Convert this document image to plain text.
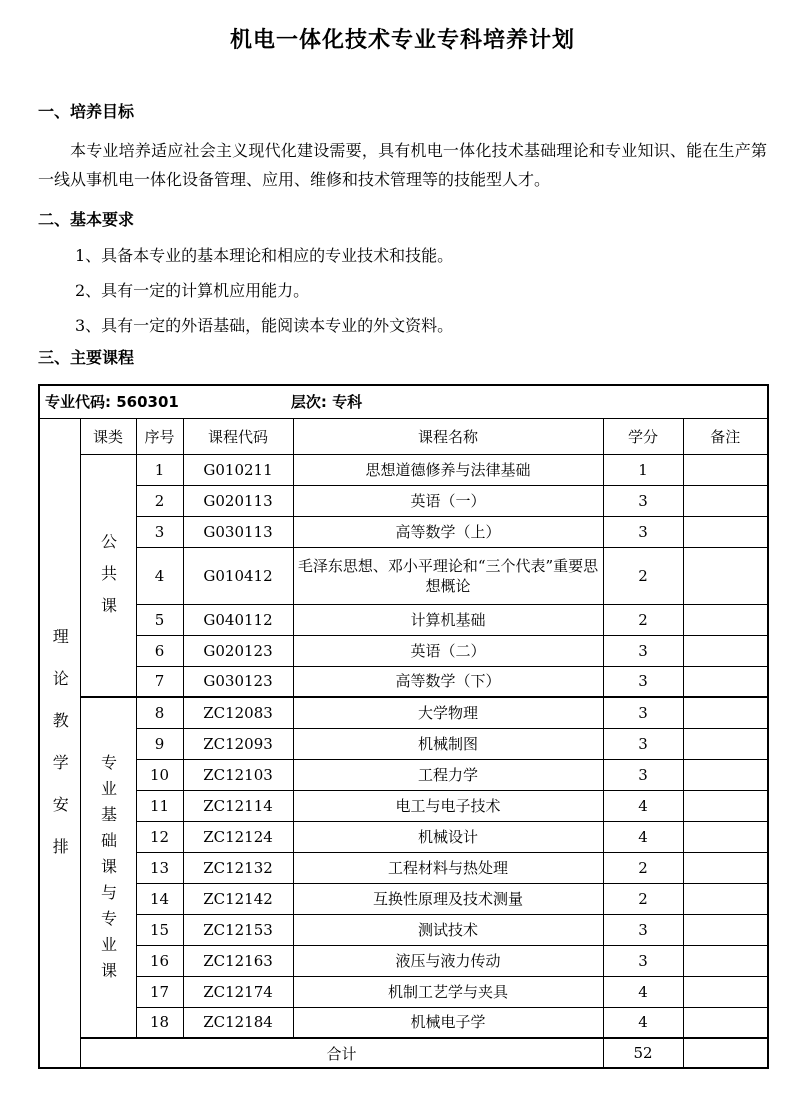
机电一体化技术专业专科培养计划
一、培养目标
本专业培养适应社会主义现代化建设需要，具有机电一体化技术基础理论和专业知识、能在生产第一线从事机电一体化设备管理、应用、维修和技术管理等的技能型人才。
二、基本要求
1、具备本专业的基本理论和相应的专业技术和技能。
2、具有一定的计算机应用能力。
3、具有一定的外语基础，能阅读本专业的外文资料。
三、主要课程
专业代码: 560301 层次: 专科						
理论教学安排	课类	序号	课程代码	课程名称	学分	备注
	公共课	1	G010211	思想道德修养与法律基础	1	
		2	G020113	英语（一）	3	
		3	G030113	高等数学（上）	3	
		4	G010412	毛泽东思想、邓小平理论和“三个代表”重要思想概论	2	
		5	G040112	计算机基础	2	
		6	G020123	英语（二）	3	
		7	G030123	高等数学（下）	3	
	专业基础课与专业课	8	ZC12083	大学物理	3	
		9	ZC12093	机械制图	3	
		10	ZC12103	工程力学	3	
		11	ZC12114	电工与电子技术	4	
		12	ZC12124	机械设计	4	
		13	ZC12132	工程材料与热处理	2	
		14	ZC12142	互换性原理及技术测量	2	
		15	ZC12153	测试技术	3	
		16	ZC12163	液压与液力传动	3	
		17	ZC12174	机制工艺学与夹具	4	
		18	ZC12184	机械电子学	4	
	合计				52	
